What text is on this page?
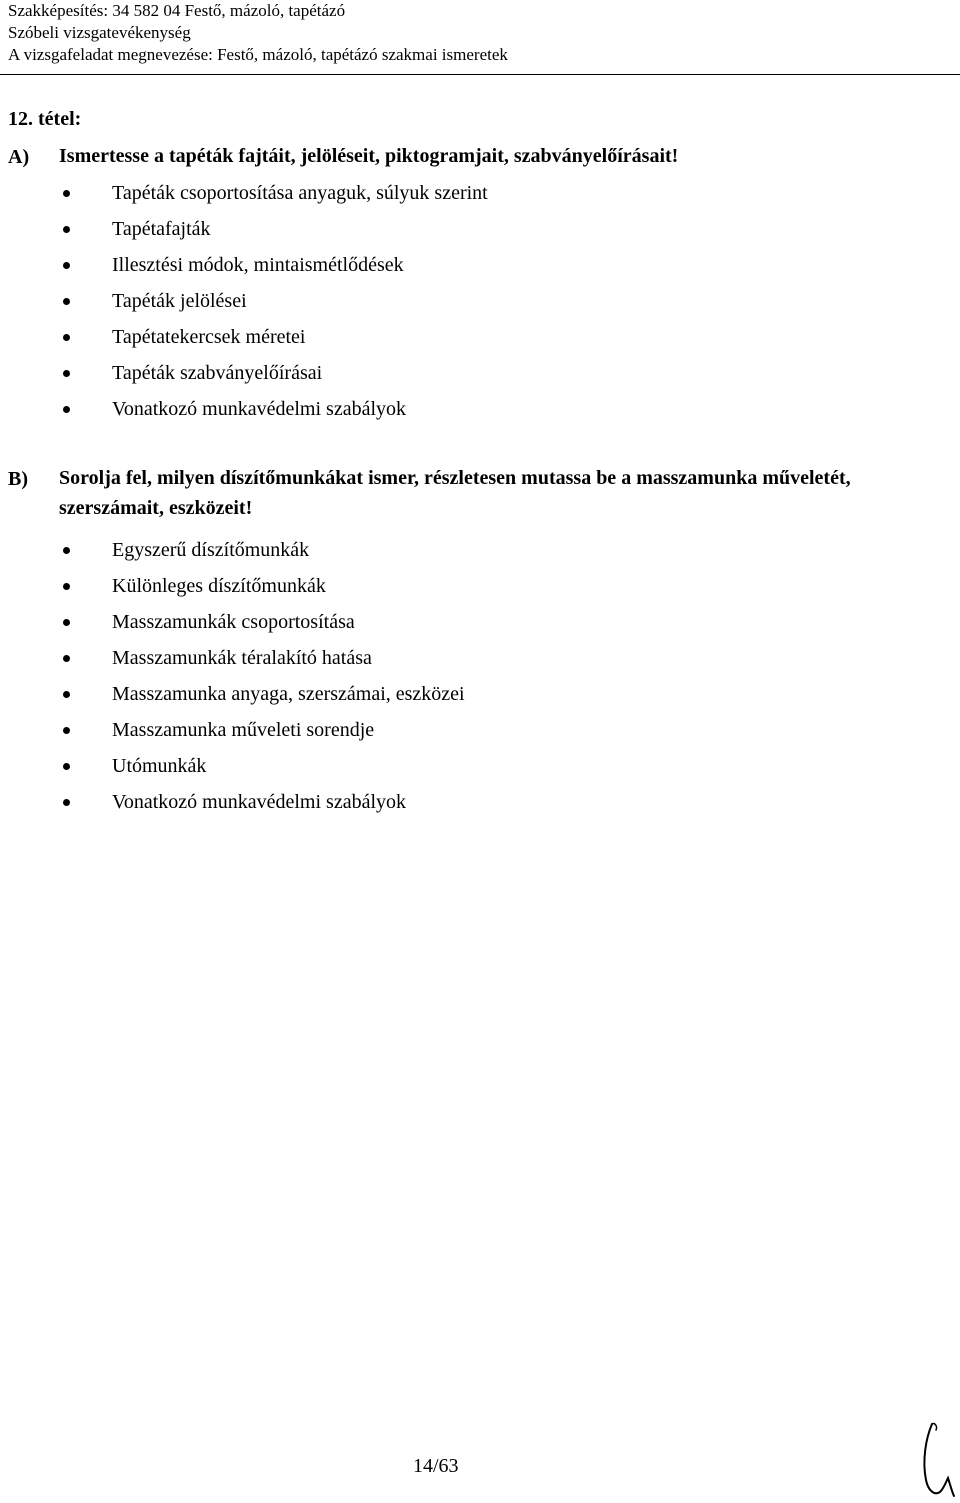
Szakképesítés: 34 582 04 Festő, mázoló, tapétázó
Szóbeli vizsgatevékenység
A vizsgafeladat megnevezése: Festő, mázoló, tapétázó szakmai ismeretek
12. tétel:
A) Ismertesse a tapéták fajtáit, jelöléseit, piktogramjait, szabványelőírásait!
Tapéták csoportosítása anyaguk, súlyuk szerint
Tapétafajták
Illesztési módok, mintaismétlődések
Tapéták jelölései
Tapétatekercsek méretei
Tapéták szabványelőírásai
Vonatkozó munkavédelmi szabályok
B) Sorolja fel, milyen díszítőmunkákat ismer, részletesen mutassa be a masszamunka műveletét, szerszámait, eszközeit!
Egyszerű díszítőmunkák
Különleges díszítőmunkák
Masszamunkák csoportosítása
Masszamunkák téralakító hatása
Masszamunka anyaga, szerszámai, eszközei
Masszamunka műveleti sorendje
Utómunkák
Vonatkozó munkavédelmi szabályok
14/63
